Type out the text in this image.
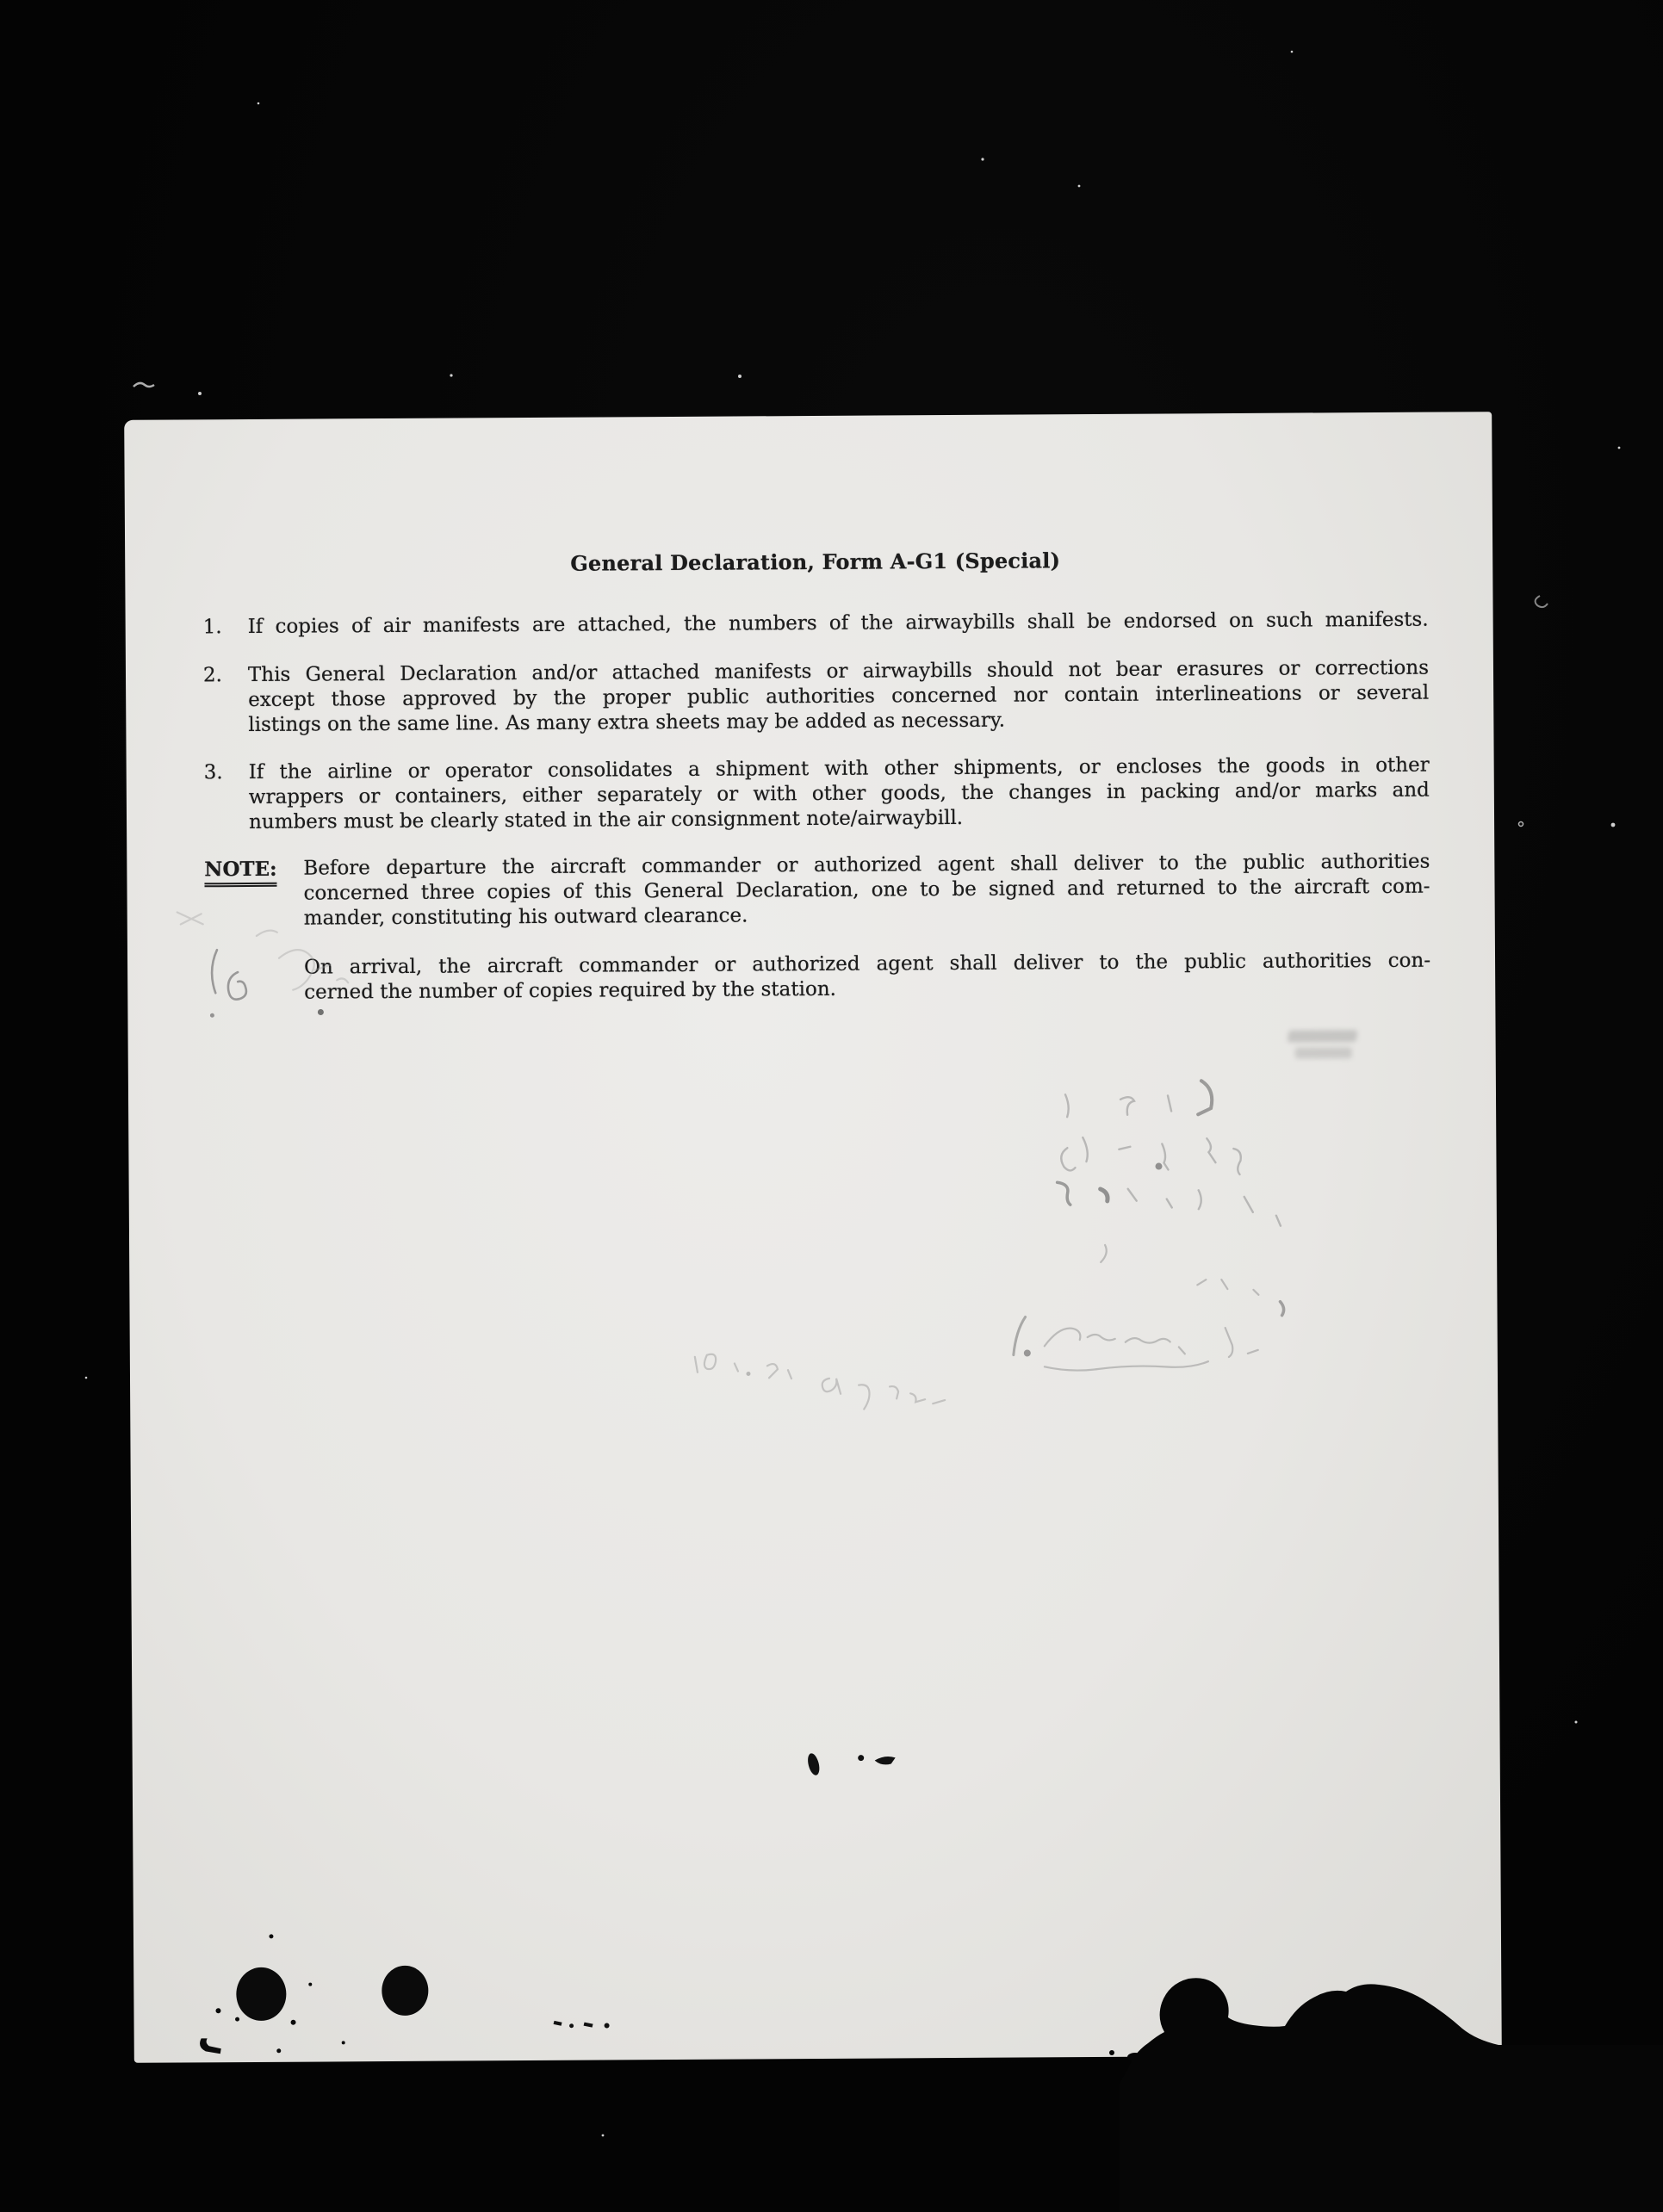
General Declaration, Form A-G1 (Special)
1.	If copies of air manifests are attached, the numbers of the airwaybills shall be endorsed on such manifests.
2.	This General Declaration and/or attached manifests or airwaybills should not bear erasures or corrections
except those approved by the proper public authorities concerned nor contain interlineations or several
listings on the same line. As many extra sheets may be added as necessary.
3.	If the airline or operator consolidates a shipment with other shipments, or encloses the goods in other
wrappers or containers, either separately or with other goods, the changes in packing and/or marks and
numbers must be clearly stated in the air consignment note/airwaybill.
NOTE:	Before departure the aircraft commander or authorized agent shall deliver to the public authorities
concerned three copies of this General Declaration, one to be signed and returned to the aircraft com-
mander, constituting his outward clearance.
On arrival, the aircraft commander or authorized agent shall deliver to the public authorities con-
cerned the number of copies required by the station.
